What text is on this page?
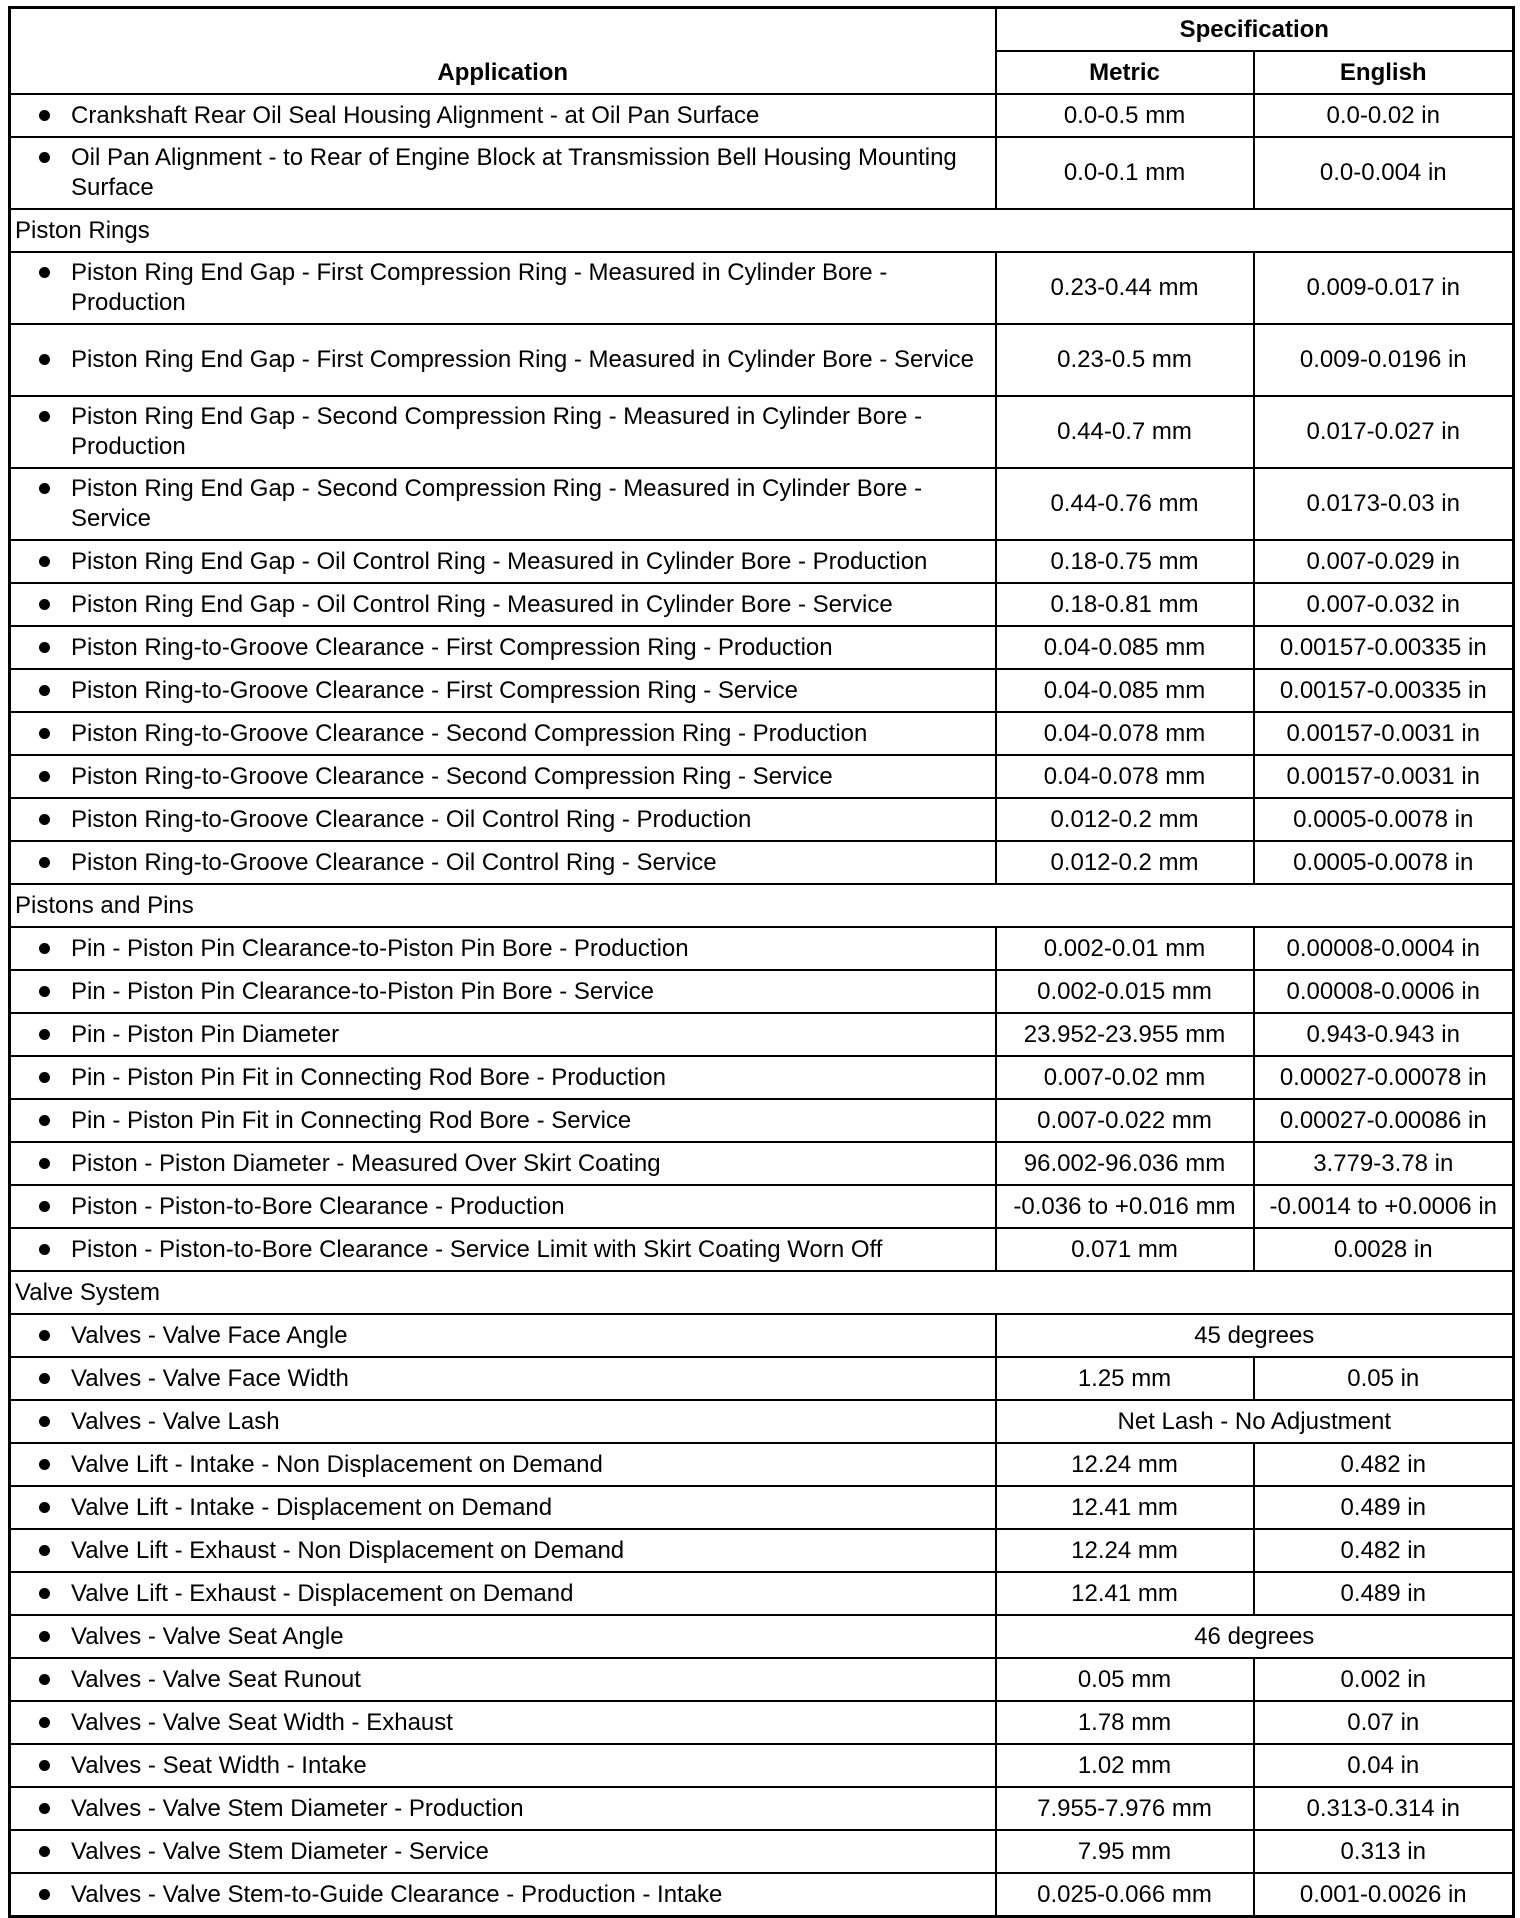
Application	Specification	
	Metric	English

Crankshaft Rear Oil Seal Housing Alignment - at Oil Pan Surface	0.0-0.5 mm	0.0-0.02 in

Oil Pan Alignment - to Rear of Engine Block at Transmission Bell Housing Mounting Surface	0.0-0.1 mm	0.0-0.004 in
Piston Rings		

Piston Ring End Gap - First Compression Ring - Measured in Cylinder Bore - Production	0.23-0.44 mm	0.009-0.017 in

Piston Ring End Gap - First Compression Ring - Measured in Cylinder Bore - Service	0.23-0.5 mm	0.009-0.0196 in

Piston Ring End Gap - Second Compression Ring - Measured in Cylinder Bore - Production	0.44-0.7 mm	0.017-0.027 in

Piston Ring End Gap - Second Compression Ring - Measured in Cylinder Bore - Service	0.44-0.76 mm	0.0173-0.03 in

Piston Ring End Gap - Oil Control Ring - Measured in Cylinder Bore - Production	0.18-0.75 mm	0.007-0.029 in

Piston Ring End Gap - Oil Control Ring - Measured in Cylinder Bore - Service	0.18-0.81 mm	0.007-0.032 in

Piston Ring-to-Groove Clearance - First Compression Ring - Production	0.04-0.085 mm	0.00157-0.00335 in

Piston Ring-to-Groove Clearance - First Compression Ring - Service	0.04-0.085 mm	0.00157-0.00335 in

Piston Ring-to-Groove Clearance - Second Compression Ring - Production	0.04-0.078 mm	0.00157-0.0031 in

Piston Ring-to-Groove Clearance - Second Compression Ring - Service	0.04-0.078 mm	0.00157-0.0031 in

Piston Ring-to-Groove Clearance - Oil Control Ring - Production	0.012-0.2 mm	0.0005-0.0078 in

Piston Ring-to-Groove Clearance - Oil Control Ring - Service	0.012-0.2 mm	0.0005-0.0078 in
Pistons and Pins		

Pin - Piston Pin Clearance-to-Piston Pin Bore - Production	0.002-0.01 mm	0.00008-0.0004 in

Pin - Piston Pin Clearance-to-Piston Pin Bore - Service	0.002-0.015 mm	0.00008-0.0006 in

Pin - Piston Pin Diameter	23.952-23.955 mm	0.943-0.943 in

Pin - Piston Pin Fit in Connecting Rod Bore - Production	0.007-0.02 mm	0.00027-0.00078 in

Pin - Piston Pin Fit in Connecting Rod Bore - Service	0.007-0.022 mm	0.00027-0.00086 in

Piston - Piston Diameter - Measured Over Skirt Coating	96.002-96.036 mm	3.779-3.78 in

Piston - Piston-to-Bore Clearance - Production	-0.036 to +0.016 mm	-0.0014 to +0.0006 in

Piston - Piston-to-Bore Clearance - Service Limit with Skirt Coating Worn Off	0.071 mm	0.0028 in
Valve System		

Valves - Valve Face Angle	45 degrees	

Valves - Valve Face Width	1.25 mm	0.05 in

Valves - Valve Lash	Net Lash - No Adjustment	

Valve Lift - Intake - Non Displacement on Demand	12.24 mm	0.482 in

Valve Lift - Intake - Displacement on Demand	12.41 mm	0.489 in

Valve Lift - Exhaust - Non Displacement on Demand	12.24 mm	0.482 in

Valve Lift - Exhaust - Displacement on Demand	12.41 mm	0.489 in

Valves - Valve Seat Angle	46 degrees	

Valves - Valve Seat Runout	0.05 mm	0.002 in

Valves - Valve Seat Width - Exhaust	1.78 mm	0.07 in

Valves - Seat Width - Intake	1.02 mm	0.04 in

Valves - Valve Stem Diameter - Production	7.955-7.976 mm	0.313-0.314 in

Valves - Valve Stem Diameter - Service	7.95 mm	0.313 in

Valves - Valve Stem-to-Guide Clearance - Production - Intake	0.025-0.066 mm	0.001-0.0026 in
